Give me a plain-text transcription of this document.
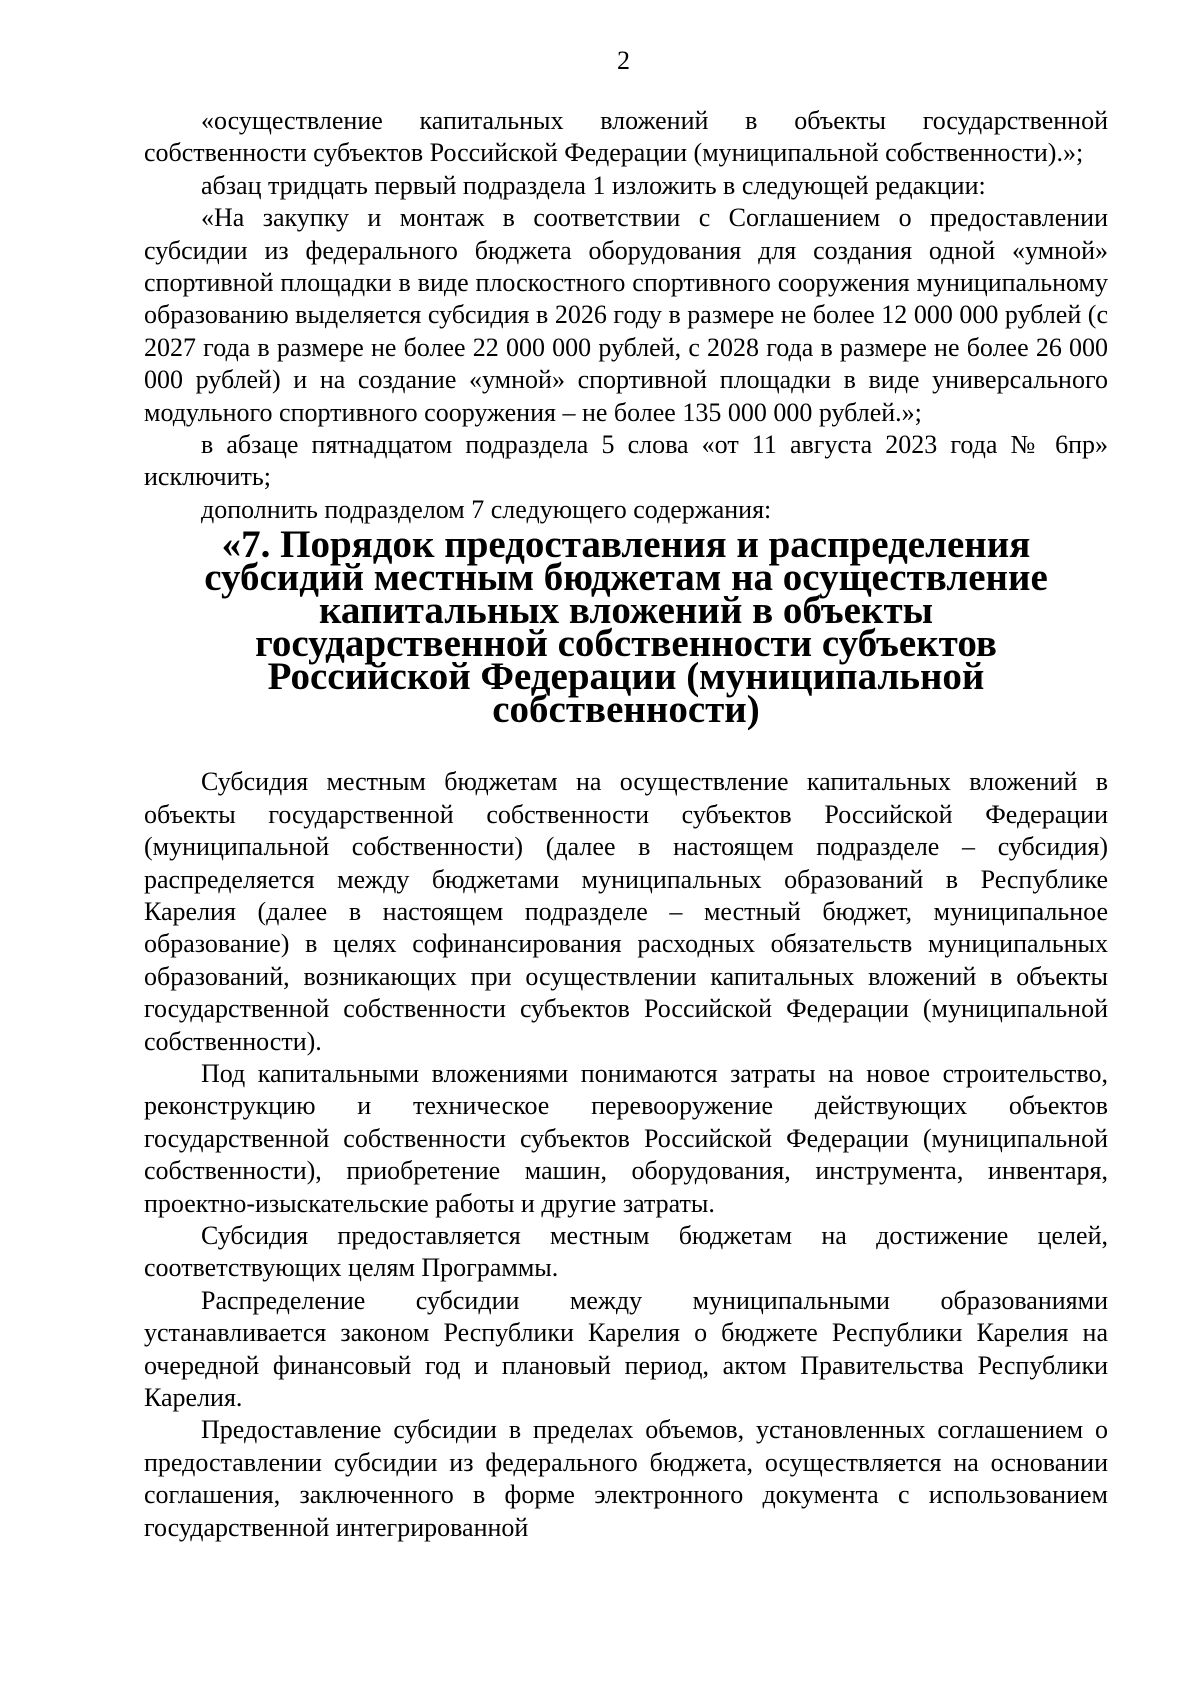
2

«осуществление капитальных вложений в объекты государственной собственности субъектов Российской Федерации (муниципальной собственности).»;

абзац тридцать первый подраздела 1 изложить в следующей редакции:

«На закупку и монтаж в соответствии с Соглашением о предоставлении субсидии из федерального бюджета оборудования для создания одной «умной» спортивной площадки в виде плоскостного спортивного сооружения муниципальному образованию выделяется субсидия в 2026 году в размере не более 12 000 000 рублей (с 2027 года в размере не более 22 000 000 рублей, с 2028 года в размере не более 26 000 000 рублей) и на создание «умной» спортивной площадки в виде универсального модульного спортивного сооружения – не более 135 000 000 рублей.»;

в абзаце пятнадцатом подраздела 5 слова «от 11 августа 2023 года № 6пр» исключить;

дополнить подразделом 7 следующего содержания:

«7. Порядок предоставления и распределения субсидий местным бюджетам на осуществление капитальных вложений в объекты государственной собственности субъектов Российской Федерации (муниципальной собственности)

Субсидия местным бюджетам на осуществление капитальных вложений в объекты государственной собственности субъектов Российской Федерации (муниципальной собственности) (далее в настоящем подразделе – субсидия) распределяется между бюджетами муниципальных образований в Республике Карелия (далее в настоящем подразделе – местный бюджет, муниципальное образование) в целях софинансирования расходных обязательств муниципальных образований, возникающих при осуществлении капитальных вложений в объекты государственной собственности субъектов Российской Федерации (муниципальной собственности).

Под капитальными вложениями понимаются затраты на новое строительство, реконструкцию и техническое перевооружение действующих объектов государственной собственности субъектов Российской Федерации (муниципальной собственности), приобретение машин, оборудования, инструмента, инвентаря, проектно-изыскательские работы и другие затраты.

Субсидия предоставляется местным бюджетам на достижение целей, соответствующих целям Программы.

Распределение субсидии между муниципальными образованиями устанавливается законом Республики Карелия о бюджете Республики Карелия на очередной финансовый год и плановый период, актом Правительства Республики Карелия.

Предоставление субсидии в пределах объемов, установленных соглашением о предоставлении субсидии из федерального бюджета, осуществляется на основании соглашения, заключенного в форме электронного документа с использованием государственной интегрированной
